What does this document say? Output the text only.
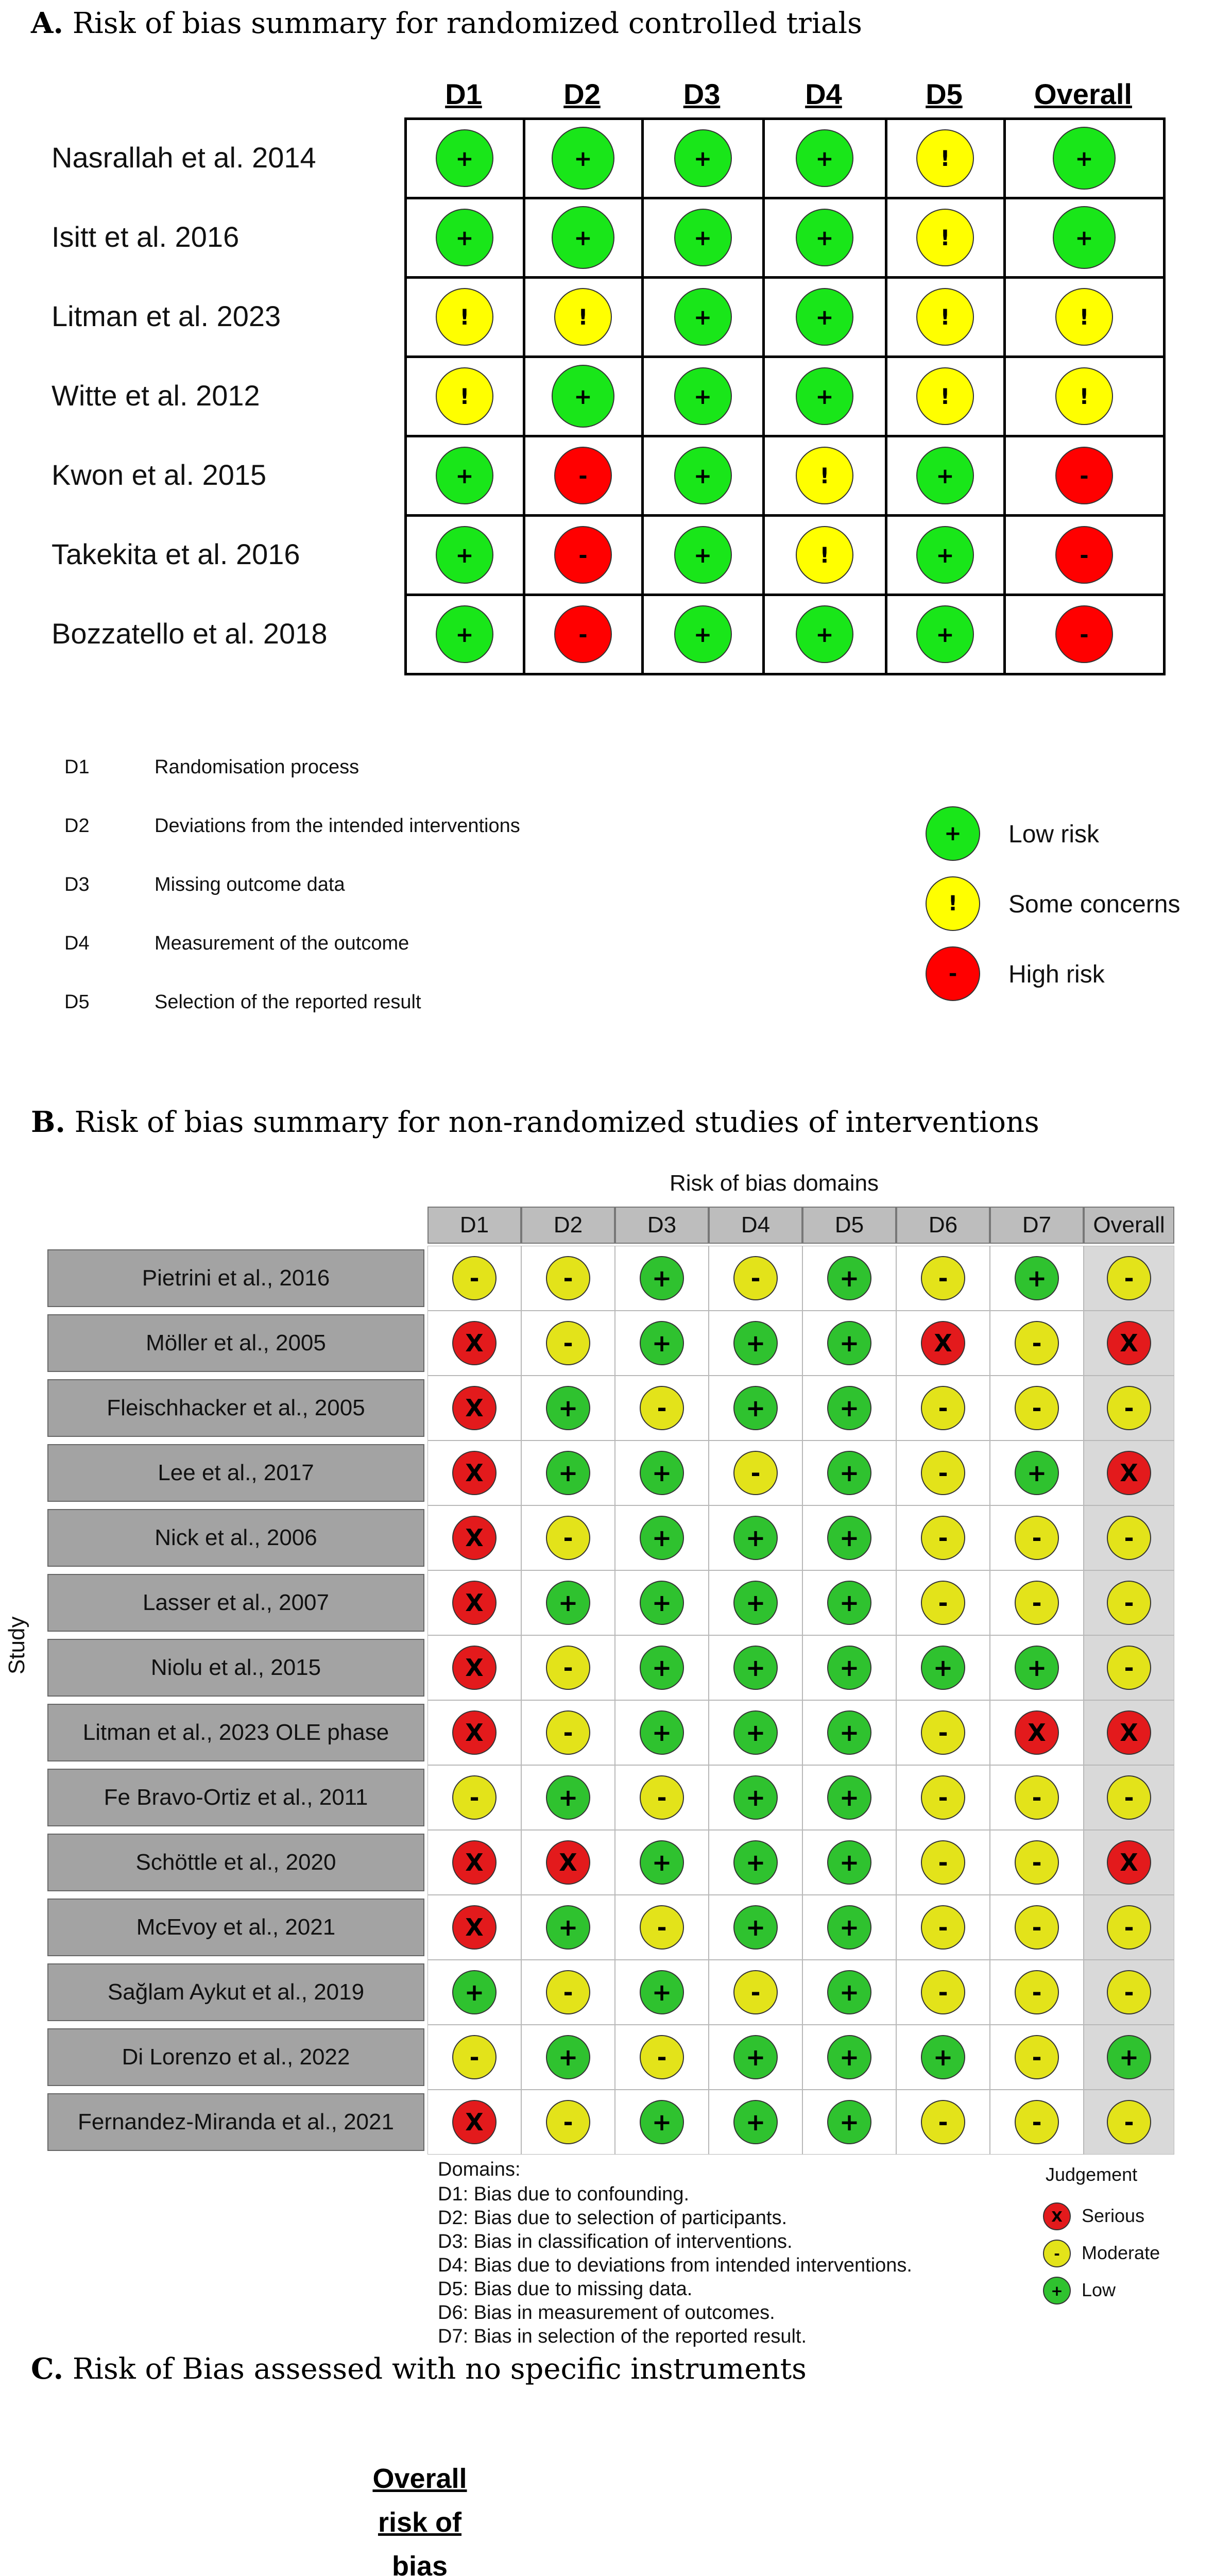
A. Risk of bias summary for randomized controlled trials
D1	D2	D3	D4	D5	Overall
Nasrallah et al. 2014	+	+	+	+	!	+
Isitt et al. 2016	+	+	+	+	!	+
Litman et al. 2023	!	!	+	+	!	!
Witte et al. 2012	!	+	+	+	!	!
Kwon et al. 2015	+	-	+	!	+	-
Takekita et al. 2016	+	-	+	!	+	-
Bozzatello et al. 2018	+	-	+	+	+	-
D1	Randomisation process
D2	Deviations from the intended interventions
D3	Missing outcome data
D4	Measurement of the outcome
D5	Selection of the reported result
+	Low risk
!	Some concerns
-	High risk
B. Risk of bias summary for non-randomized studies of interventions
Risk of bias domains
Study
D1	D2	D3	D4	D5	D6	D7	Overall
Pietrini et al., 2016	-	-	+	-	+	-	+	-
Möller et al., 2005	X	-	+	+	+	X	-	X
Fleischhacker et al., 2005	X	+	-	+	+	-	-	-
Lee et al., 2017	X	+	+	-	+	-	+	X
Nick et al., 2006	X	-	+	+	+	-	-	-
Lasser et al., 2007	X	+	+	+	+	-	-	-
Niolu et al., 2015	X	-	+	+	+	+	+	-
Litman et al., 2023 OLE phase	X	-	+	+	+	-	X	X
Fe Bravo-Ortiz et al., 2011	-	+	-	+	+	-	-	-
Schöttle et al., 2020	X	X	+	+	+	-	-	X
McEvoy et al., 2021	X	+	-	+	+	-	-	-
Sağlam Aykut et al., 2019	+	-	+	-	+	-	-	-
Di Lorenzo et al., 2022	-	+	-	+	+	+	-	+
Fernandez-Miranda et al., 2021	X	-	+	+	+	-	-	-
Domains:
D1: Bias due to confounding.
D2: Bias due to selection of participants.
D3: Bias in classification of interventions.
D4: Bias due to deviations from intended interventions.
D5: Bias due to missing data.
D6: Bias in measurement of outcomes.
D7: Bias in selection of the reported result.
Judgement
X	Serious
-	Moderate
+	Low
C. Risk of Bias assessed with no specific instruments
Overall
risk of
bias
